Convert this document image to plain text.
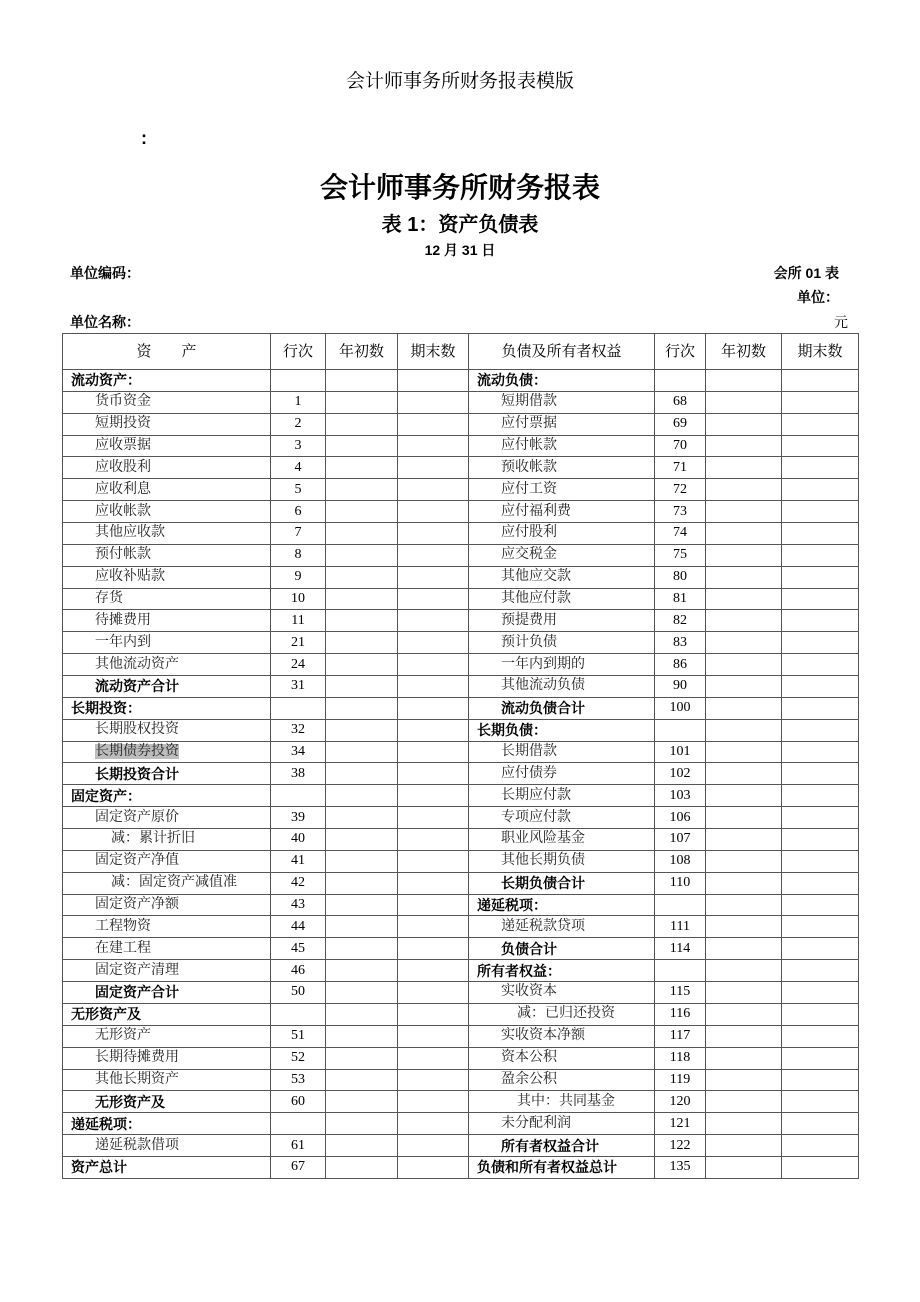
会计师事务所财务报表模版
:
会计师事务所财务报表
表 1：资产负债表
12 月 31 日
单位编码：	会所 01 表
单位：
单位名称：	元
资　　产	行次	年初数	期末数	负债及所有者权益	行次	年初数	期末数
流动资产：				流动负债：			
货币资金	1			短期借款	68		
短期投资	2			应付票据	69		
应收票据	3			应付帐款	70		
应收股利	4			预收帐款	71		
应收利息	5			应付工资	72		
应收帐款	6			应付福利费	73		
其他应收款	7			应付股利	74		
预付帐款	8			应交税金	75		
应收补贴款	9			其他应交款	80		
存货	10			其他应付款	81		
待摊费用	11			预提费用	82		
一年内到	21			预计负债	83		
其他流动资产	24			一年内到期的	86		
流动资产合计	31			其他流动负债	90		
长期投资：				流动负债合计	100		
长期股权投资	32			长期负债：			
长期债券投资	34			长期借款	101		
长期投资合计	38			应付债券	102		
固定资产：				长期应付款	103		
固定资产原价	39			专项应付款	106		
减：累计折旧	40			职业风险基金	107		
固定资产净值	41			其他长期负债	108		
减：固定资产减值准	42			长期负债合计	110		
固定资产净额	43			递延税项：			
工程物资	44			递延税款贷项	111		
在建工程	45			负债合计	114		
固定资产清理	46			所有者权益：			
固定资产合计	50			实收资本	115		
无形资产及				减：已归还投资	116		
无形资产	51			实收资本净额	117		
长期待摊费用	52			资本公积	118		
其他长期资产	53			盈余公积	119		
无形资产及	60			其中：共同基金	120		
递延税项：				未分配利润	121		
递延税款借项	61			所有者权益合计	122		
资产总计	67			负债和所有者权益总计	135		
